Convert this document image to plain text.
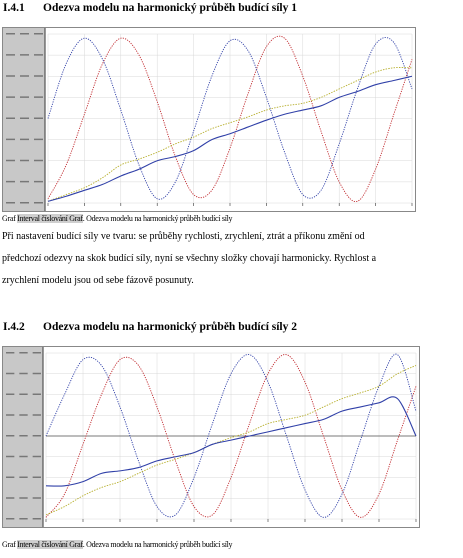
I.4.1 Odezva modelu na harmonický průběh budící síly 1
Graf Interval číslování Graf. Odezva modelu na harmonický průběh budící síly
Při nastavení budící síly ve tvaru: se průběhy rychlosti, zrychlení, ztrát a příkonu změní od
předchozí odezvy na skok budící síly, nyní se všechny složky chovají harmonicky. Rychlost a
zrychlení modelu jsou od sebe fázově posunuty.
I.4.2 Odezva modelu na harmonický průběh budící síly 2
Graf Interval číslování Graf. Odezva modelu na harmonický průběh budící síly
